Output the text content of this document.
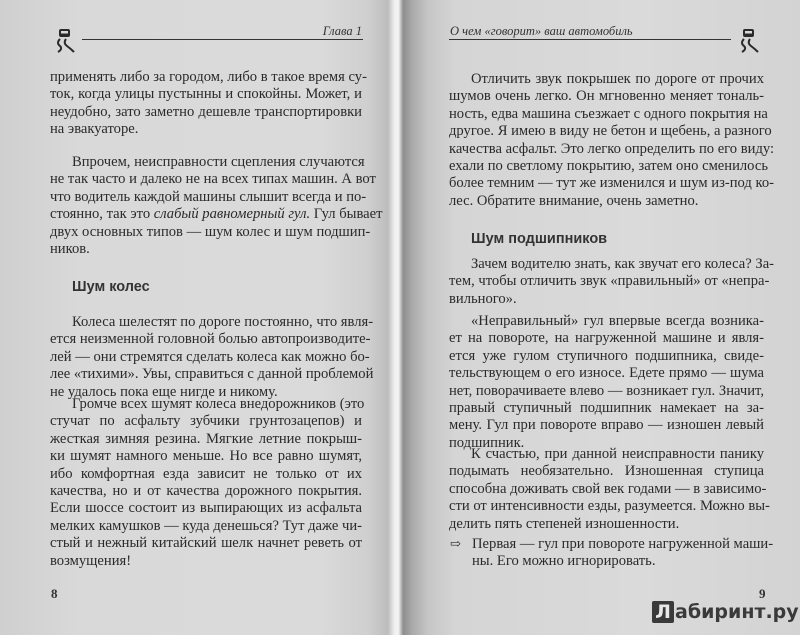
Глава 1
применять либо за городом, либо в такое время су-
ток, когда улицы пустынны и спокойны. Может, и
неудобно, зато заметно дешевле транспортировки
на эвакуаторе.
Впрочем, неисправности сцепления случаются
не так часто и далеко не на всех типах машин. А вот
что водитель каждой машины слышит всегда и по-
стоянно, так это слабый равномерный гул. Гул бывает
двух основных типов — шум колес и шум подшип-
ников.
Шум колес
Колеса шелестят по дороге постоянно, что явля-
ется неизменной головной болью автопроизводите-
лей — они стремятся сделать колеса как можно бо-
лее «тихими». Увы, справиться с данной проблемой
не удалось пока еще нигде и никому.
Громче всех шумят колеса внедорожников (это
стучат по асфальту зубчики грунтозацепов) и
жесткая зимняя резина. Мягкие летние покрыш-
ки шумят намного меньше. Но все равно шумят,
ибо комфортная езда зависит не только от их
качества, но и от качества дорожного покрытия.
Если шоссе состоит из выпирающих из асфальта
мелких камушков — куда денешься? Тут даже чи-
стый и нежный китайский шелк начнет реветь от
возмущения!
8
О чем «говорит» ваш автомобиль
Отличить звук покрышек по дороге от прочих
шумов очень легко. Он мгновенно меняет тональ-
ность, едва машина съезжает с одного покрытия на
другое. Я имею в виду не бетон и щебень, а разного
качества асфальт. Это легко определить по его виду:
ехали по светлому покрытию, затем оно сменилось
более темним — тут же изменился и шум из-под ко-
лес. Обратите внимание, очень заметно.
Шум подшипников
Зачем водителю знать, как звучат его колеса? За-
тем, чтобы отличить звук «правильный» от «непра-
вильного».
«Неправильный» гул впервые всегда возника-
ет на повороте, на нагруженной машине и явля-
ется уже гулом ступичного подшипника, свиде-
тельствующем о его износе. Едете прямо — шума
нет, поворачиваете влево — возникает гул. Значит,
правый ступичный подшипник намекает на за-
мену. Гул при повороте вправо — изношен левый
подшипник.
К счастью, при данной неисправности панику
подымать необязательно. Изношенная ступица
способна доживать свой век годами — в зависимо-
сти от интенсивности езды, разумеется. Можно вы-
делить пять степеней изношенности.
⇨ Первая — гул при повороте нагруженной маши-
ны. Его можно игнорировать.
9
Л абиринт.ру
